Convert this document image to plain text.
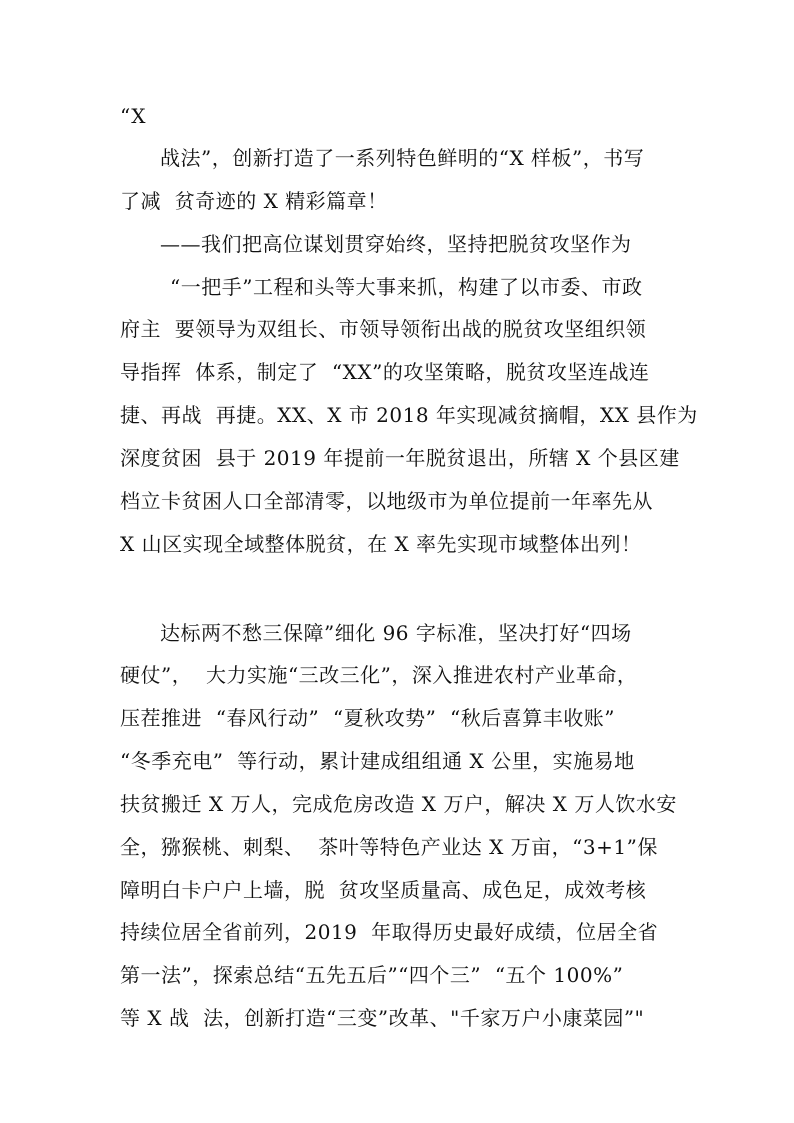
“X
战法”，创新打造了一系列特色鲜明的“X 样板”，书写
了减  贫奇迹的 X 精彩篇章！
——我们把高位谋划贯穿始终，坚持把脱贫攻坚作为
“一把手”工程和头等大事来抓，构建了以市委、市政
府主  要领导为双组长、市领导领衔出战的脱贫攻坚组织领
导指挥  体系，制定了  “XX”的攻坚策略，脱贫攻坚连战连
捷、再战  再捷。XX、X 市 2018 年实现减贫摘帽，XX 县作为
深度贫困  县于 2019 年提前一年脱贫退出，所辖 X 个县区建
档立卡贫困人口全部清零，以地级市为单位提前一年率先从
X 山区实现全域整体脱贫，在 X 率先实现市域整体出列！
达标两不愁三保障”细化 96 字标准，坚决打好“四场
硬仗”，  大力实施“三改三化”，深入推进农村产业革命，
压茬推进  “春风行动”  “夏秋攻势”  “秋后喜算丰收账”
“冬季充电”  等行动，累计建成组组通 X 公里，实施易地
扶贫搬迁 X 万人，完成危房改造 X 万户，解决 X 万人饮水安
全，猕猴桃、刺梨、  茶叶等特色产业达 X 万亩，“3+1”保
障明白卡户户上墙，脱  贫攻坚质量高、成色足，成效考核
持续位居全省前列，2019  年取得历史最好成绩，位居全省
第一法”，探索总结“五先五后”“四个三”  “五个 100%”
等 X 战  法，创新打造“三变”改革、"千家万户小康菜园”"
